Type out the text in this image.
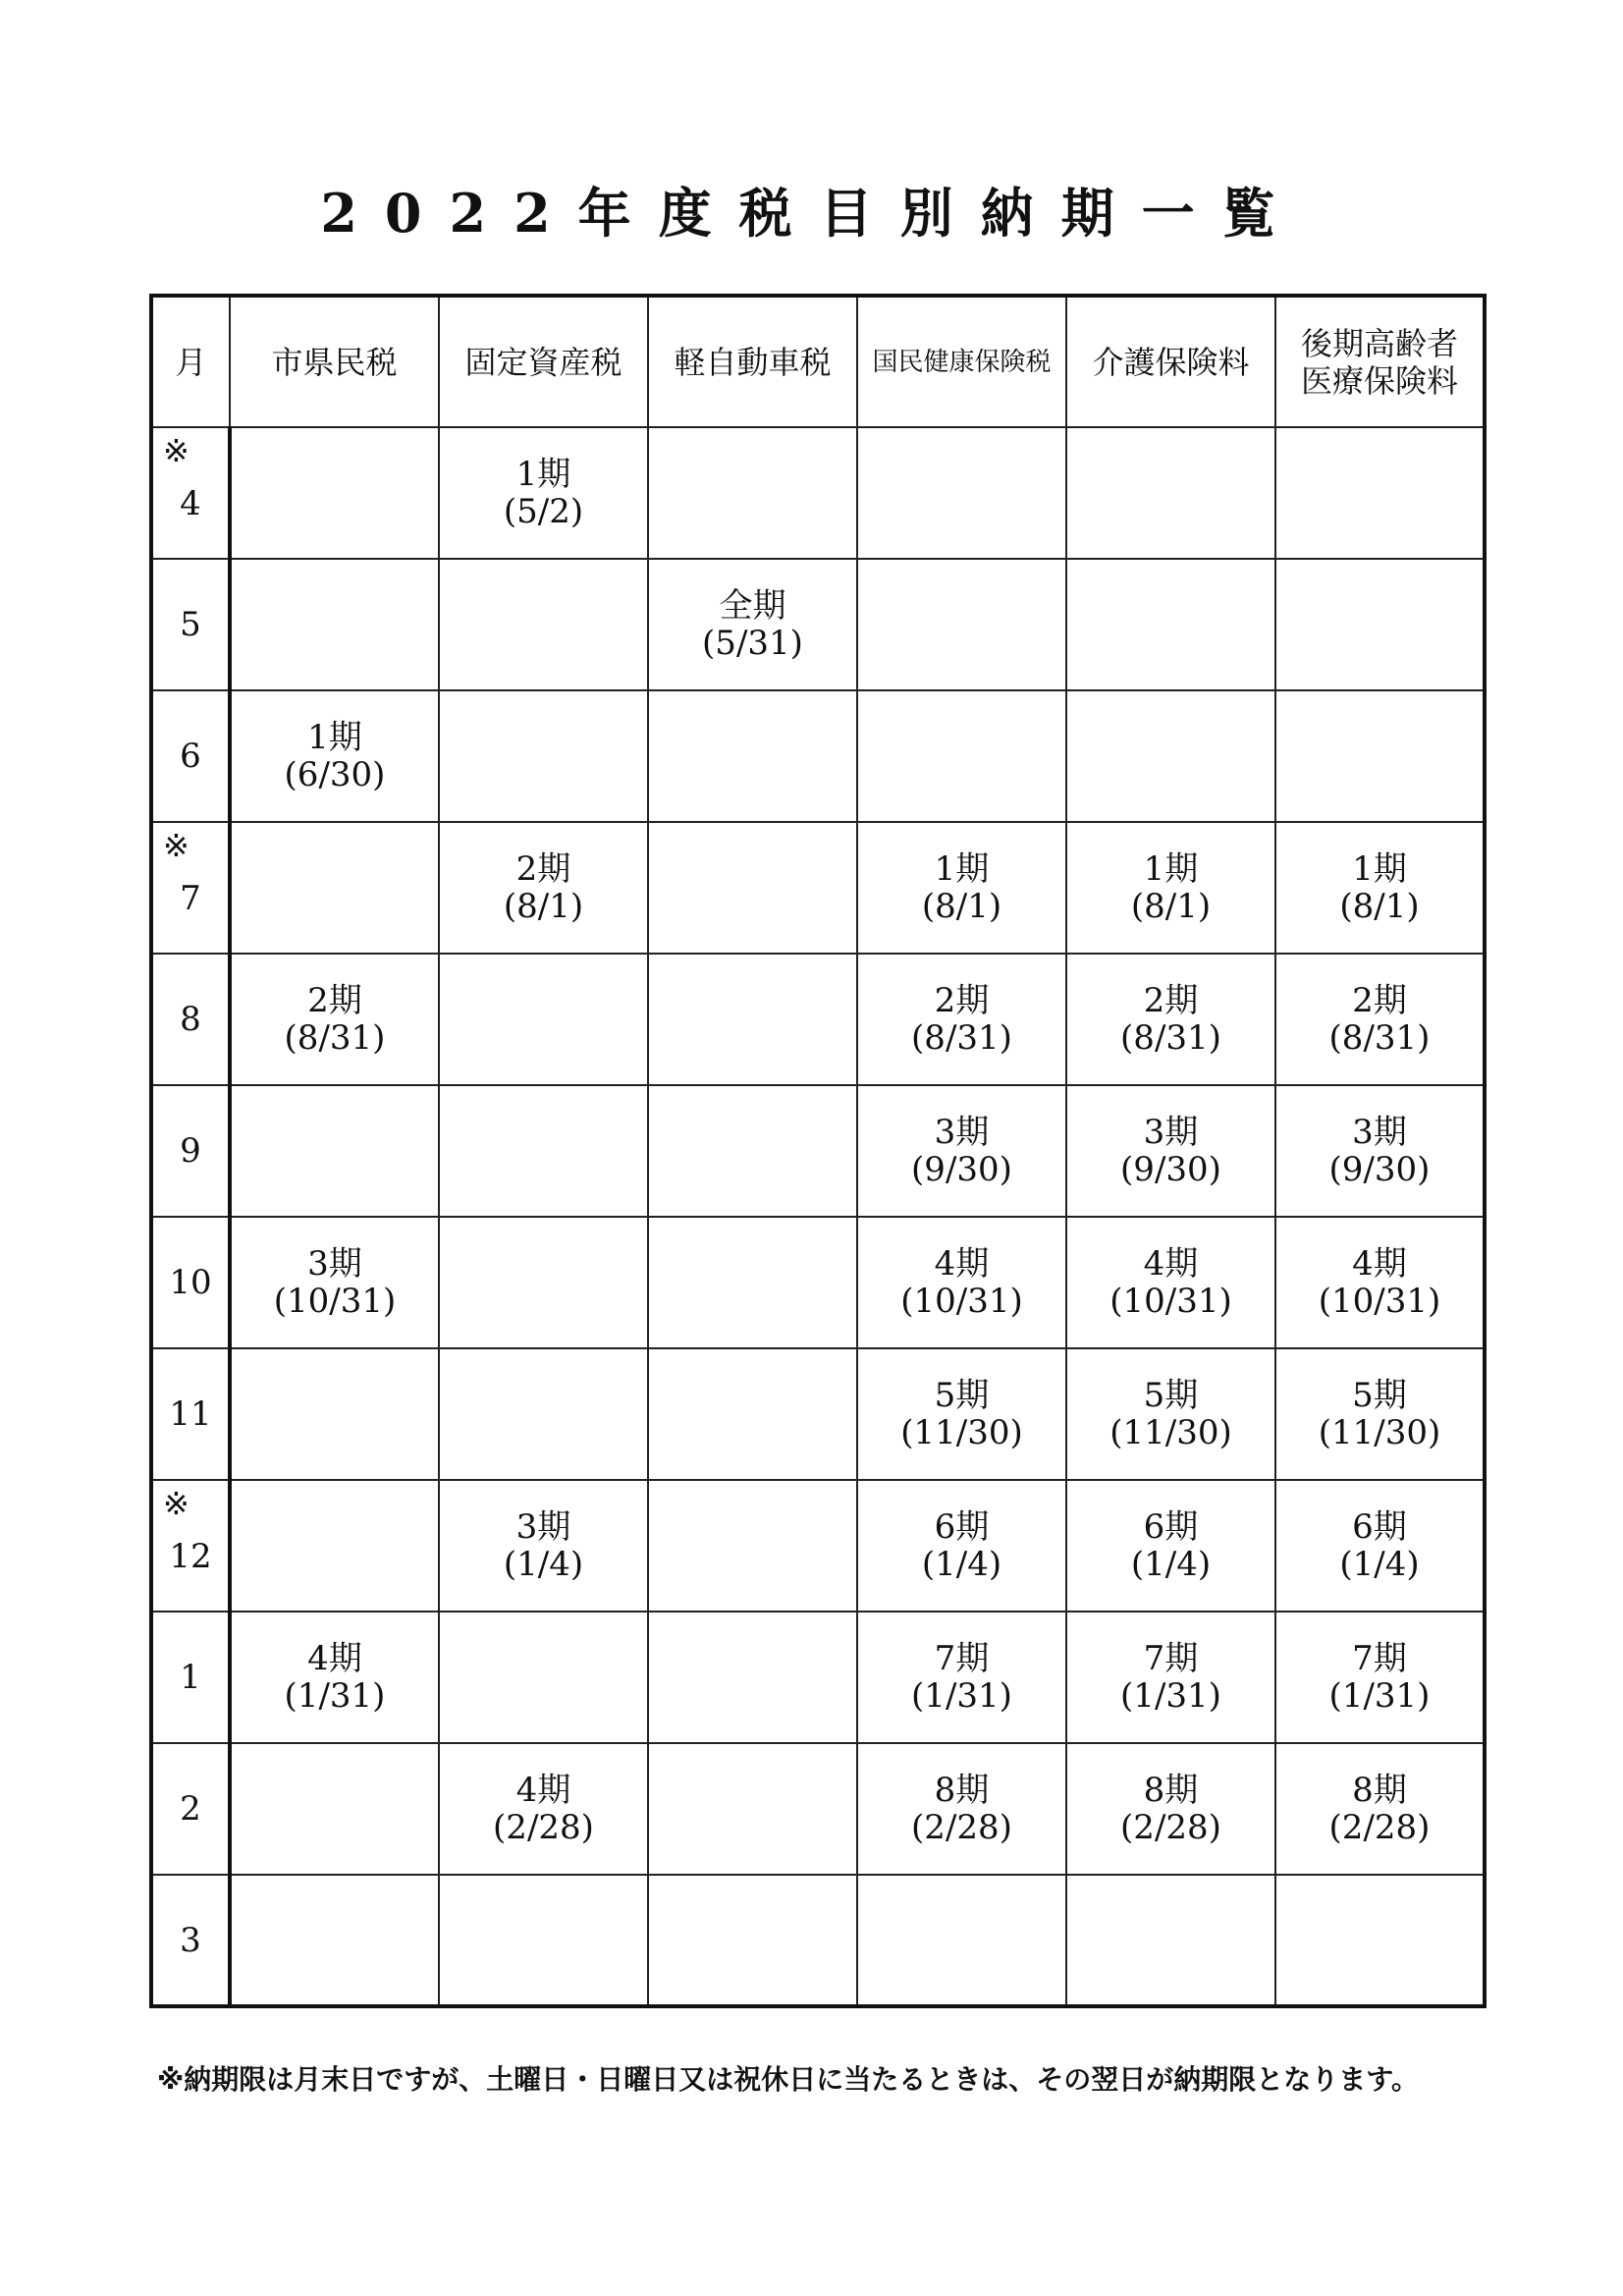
2022年度税目別納期一覧
月	市県民税	固定資産税	軽自動車税	国民健康保険税	介護保険料	後期高齢者
医療保険料

※
4		1期
(5/2)				

5			全期
(5/31)			

6	1期
(6/30)					

※
7		2期
(8/1)		1期
(8/1)	1期
(8/1)	1期
(8/1)

8	2期
(8/31)			2期
(8/31)	2期
(8/31)	2期
(8/31)

9				3期
(9/30)	3期
(9/30)	3期
(9/30)

10	3期
(10/31)			4期
(10/31)	4期
(10/31)	4期
(10/31)

11				5期
(11/30)	5期
(11/30)	5期
(11/30)

※
12		3期
(1/4)		6期
(1/4)	6期
(1/4)	6期
(1/4)

1	4期
(1/31)			7期
(1/31)	7期
(1/31)	7期
(1/31)

2		4期
(2/28)		8期
(2/28)	8期
(2/28)	8期
(2/28)

3						

※納期限は月末日ですが、土曜日・日曜日又は祝休日に当たるときは、その翌日が納期限となります。
